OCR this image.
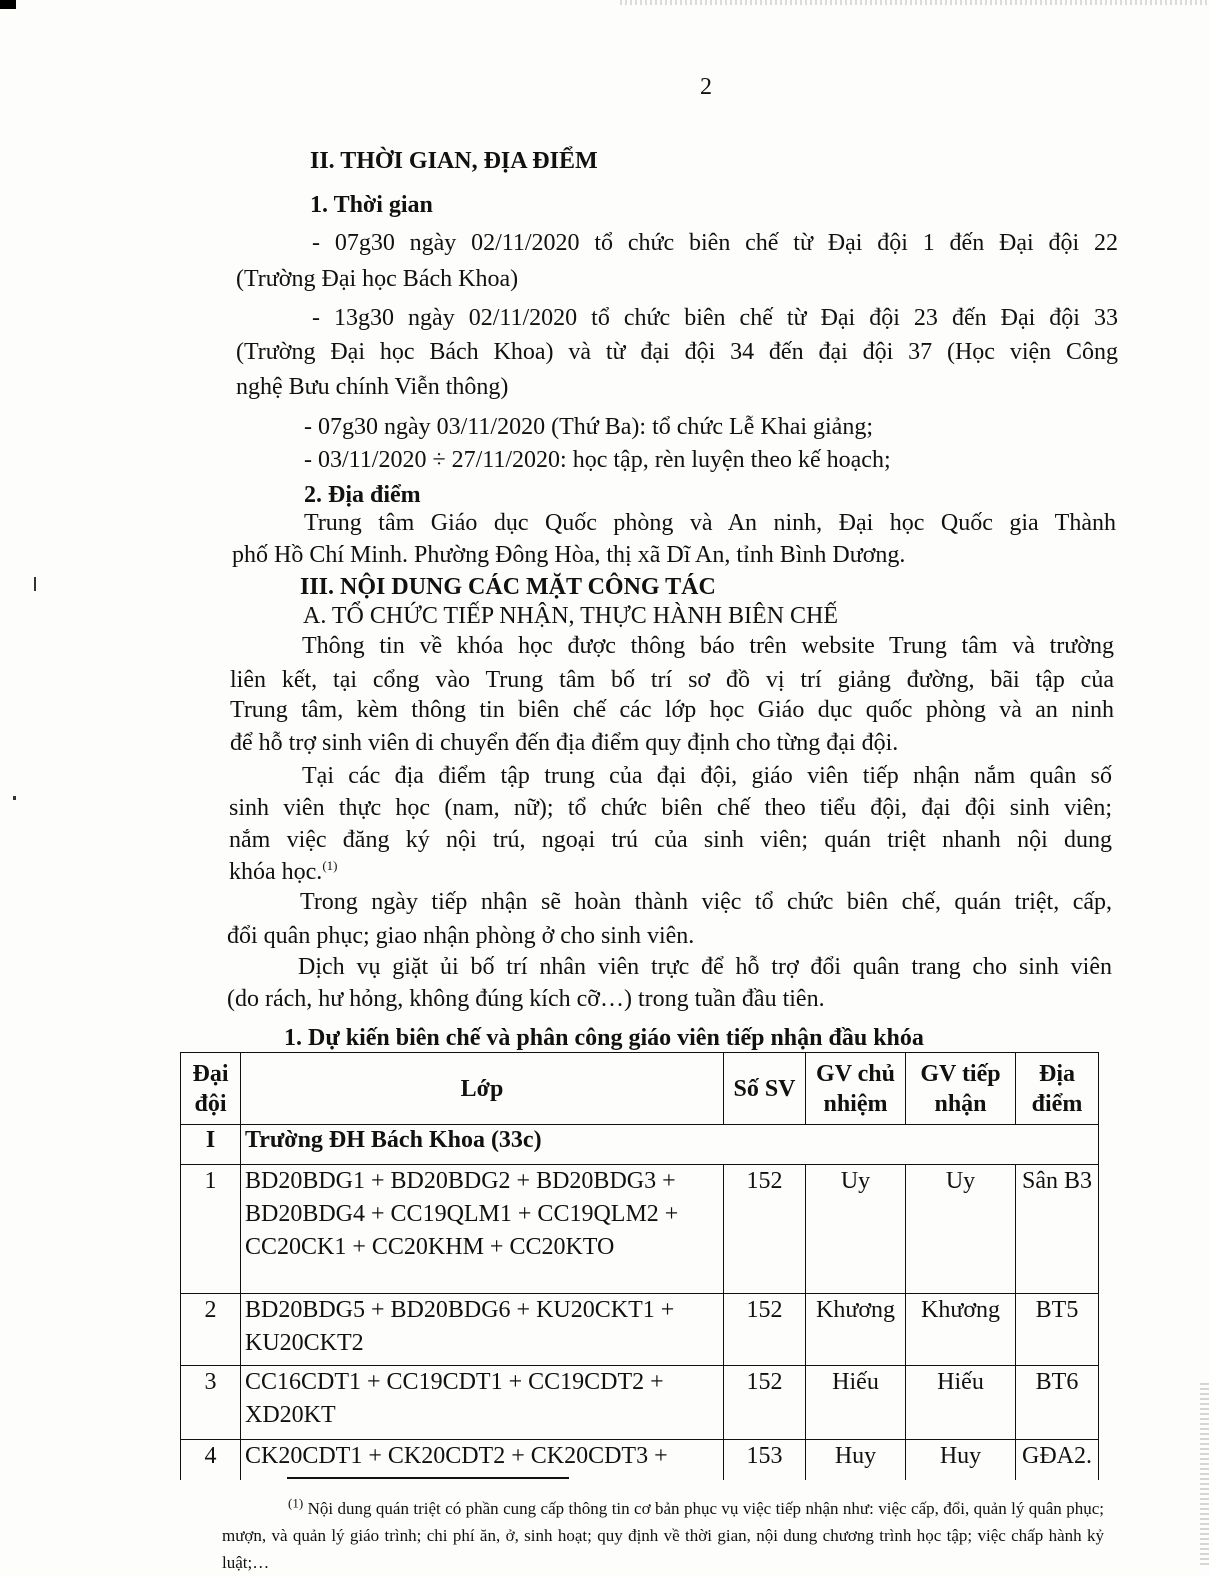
2
II. THỜI GIAN, ĐỊA ĐIỂM
1. Thời gian
- 07g30 ngày 02/11/2020 tổ chức biên chế từ Đại đội 1 đến Đại đội 22
(Trường Đại học Bách Khoa)
- 13g30 ngày 02/11/2020 tổ chức biên chế từ Đại đội 23 đến Đại đội 33
(Trường Đại học Bách Khoa) và từ đại đội 34 đến đại đội 37 (Học viện Công
nghệ Bưu chính Viễn thông)
- 07g30 ngày 03/11/2020 (Thứ Ba): tổ chức Lễ Khai giảng;
- 03/11/2020 ÷ 27/11/2020: học tập, rèn luyện theo kế hoạch;
2. Địa điểm
Trung tâm Giáo dục Quốc phòng và An ninh, Đại học Quốc gia Thành
phố Hồ Chí Minh. Phường Đông Hòa, thị xã Dĩ An, tỉnh Bình Dương.
III. NỘI DUNG CÁC MẶT CÔNG TÁC
A. TỔ CHỨC TIẾP NHẬN, THỰC HÀNH BIÊN CHẾ
Thông tin về khóa học được thông báo trên website Trung tâm và trường
liên kết, tại cổng vào Trung tâm bố trí sơ đồ vị trí giảng đường, bãi tập của
Trung tâm, kèm thông tin biên chế các lớp học Giáo dục quốc phòng và an ninh
để hỗ trợ sinh viên di chuyển đến địa điểm quy định cho từng đại đội.
Tại các địa điểm tập trung của đại đội, giáo viên tiếp nhận nắm quân số
sinh viên thực học (nam, nữ); tổ chức biên chế theo tiểu đội, đại đội sinh viên;
nắm việc đăng ký nội trú, ngoại trú của sinh viên; quán triệt nhanh nội dung
khóa học.$^{(1)}$
Trong ngày tiếp nhận sẽ hoàn thành việc tổ chức biên chế, quán triệt, cấp,
đổi quân phục; giao nhận phòng ở cho sinh viên.
Dịch vụ giặt ủi bố trí nhân viên trực để hỗ trợ đổi quân trang cho sinh viên
(do rách, hư hỏng, không đúng kích cỡ…) trong tuần đầu tiên.
1. Dự kiến biên chế và phân công giáo viên tiếp nhận đầu khóa
Đại đội	Lớp	Số SV	GV chủ nhiệm	GV tiếp nhận	Địa điểm
I	Trường ĐH Bách Khoa (33c)				
1	BD20BDG1 + BD20BDG2 + BD20BDG3 +
BD20BDG4 + CC19QLM1 + CC19QLM2 +
CC20CK1 + CC20KHM + CC20KTO	152	Uy	Uy	Sân B3
2	BD20BDG5 + BD20BDG6 + KU20CKT1 +
KU20CKT2	152	Khương	Khương	BT5
3	CC16CDT1 + CC19CDT1 + CC19CDT2 +
XD20KT	152	Hiếu	Hiếu	BT6
4	CK20CDT1 + CK20CDT2 + CK20CDT3 +	153	Huy	Huy	GĐA2.
$^{(1)}$ Nội dung quán triệt có phần cung cấp thông tin cơ bản phục vụ việc tiếp nhận như: việc cấp, đổi, quản lý quân phục; mượn, và quản lý giáo trình; chi phí ăn, ở, sinh hoạt; quy định về thời gian, nội dung chương trình học tập; việc chấp hành kỷ luật;…
